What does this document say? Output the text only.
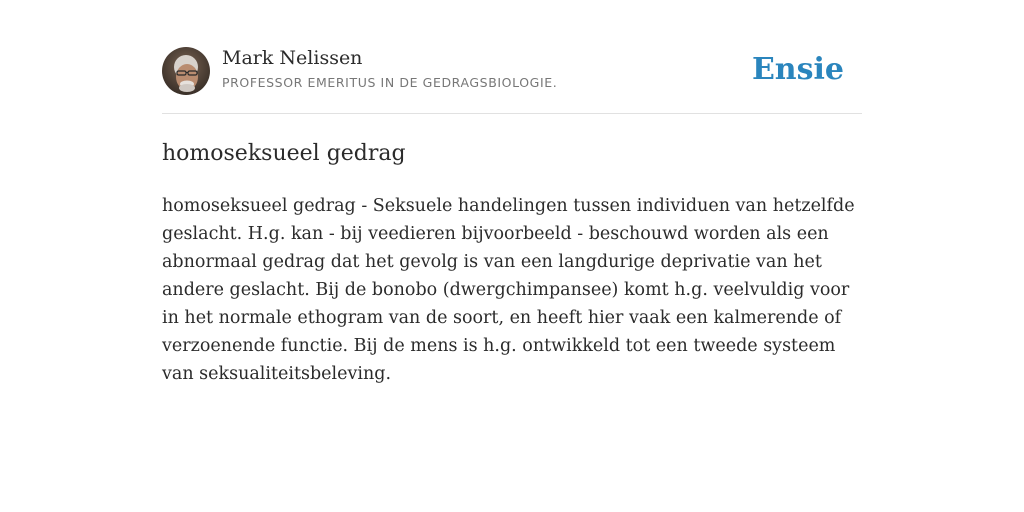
Mark Nelissen
PROFESSOR EMERITUS IN DE GEDRAGSBIOLOGIE.	Ensie
homoseksueel gedrag

homoseksueel gedrag - Seksuele handelingen tussen individuen van hetzelfde geslacht. H.g. kan - bij veedieren bijvoorbeeld - beschouwd worden als een abnormaal gedrag dat het gevolg is van een langdurige deprivatie van het andere geslacht. Bij de bonobo (dwergchimpansee) komt h.g. veelvuldig voor in het normale ethogram van de soort, en heeft hier vaak een kalmerende of verzoenende functie. Bij de mens is h.g. ontwikkeld tot een tweede systeem van seksualiteitsbeleving.
